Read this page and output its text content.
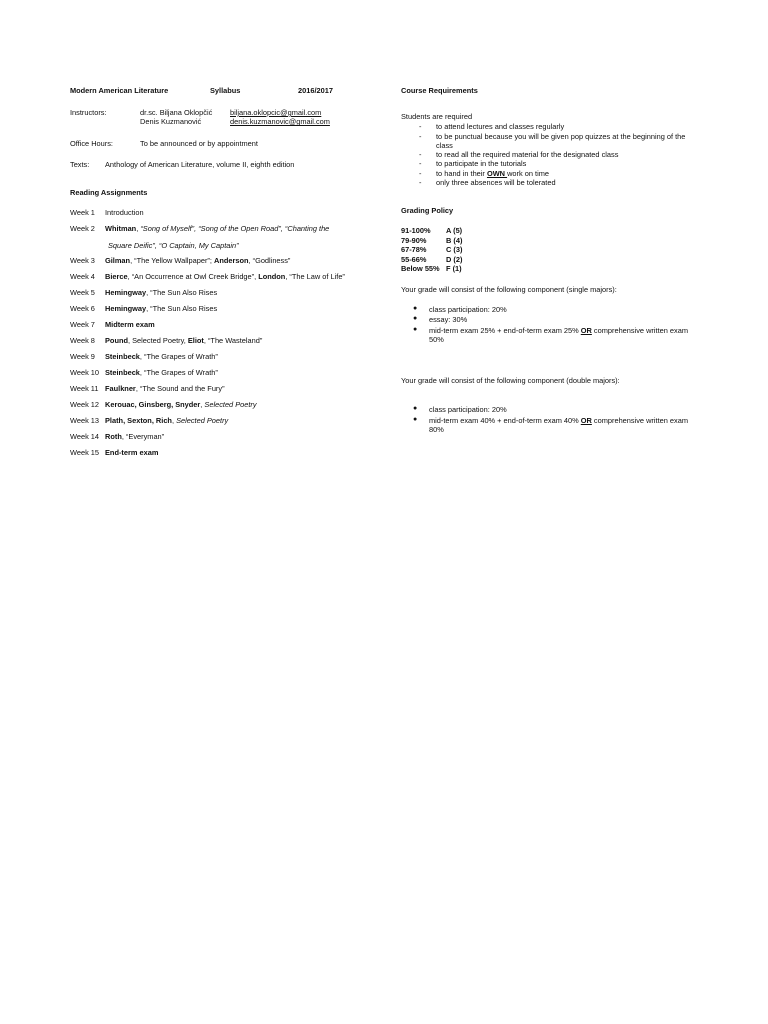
Modern American Literature	Syllabus	2016/2017
Instructors:	dr.sc. Biljana Oklopčić	biljana.oklopcic@gmail.com
Denis Kuzmanović	denis.kuzmanovic@gmail.com
Office Hours:	To be announced or by appointment
Texts:	Anthology of American Literature, volume II, eighth edition
Reading Assignments
Week 1	Introduction
Week 2	Whitman, “Song of Myself”, “Song of the Open Road”, “Chanting the
Square Deific”, “O Captain, My Captain”
Week 3	Gilman, “The Yellow Wallpaper”; Anderson, “Godliness”
Week 4	Bierce, “An Occurrence at Owl Creek Bridge”, London, “The Law of Life”
Week 5	Hemingway, “The Sun Also Rises
Week 6	Hemingway, “The Sun Also Rises
Week 7	Midterm exam
Week 8	Pound, Selected Poetry, Eliot, “The Wasteland”
Week 9	Steinbeck, “The Grapes of Wrath”
Week 10 Steinbeck, “The Grapes of Wrath”
Week 11 Faulkner, “The Sound and the Fury”
Week 12 Kerouac, Ginsberg, Snyder, Selected Poetry
Week 13 Plath, Sexton, Rich, Selected Poetry
Week 14 Roth, “Everyman”
Week 15 End-term exam
Course Requirements
Students are required
-	to attend lectures and classes regularly
-	to be punctual because you will be given pop quizzes at the beginning of the class
-	to read all the required material for the designated class
-	to participate in the tutorials
-	to hand in their OWN work on time
-	only three absences will be tolerated
Grading Policy
91-100%	A (5)
79-90%	B (4)
67-78%	C (3)
55-66%	D (2)
Below 55% F (1)
Your grade will consist of the following component (single majors):
●	class participation: 20%
●	essay: 30%
●	mid-term exam 25% + end-of-term exam 25% OR comprehensive written exam 50%
Your grade will consist of the following component (double majors):
●	class participation: 20%
●	mid-term exam 40% + end-of-term exam 40% OR comprehensive written exam 80%
